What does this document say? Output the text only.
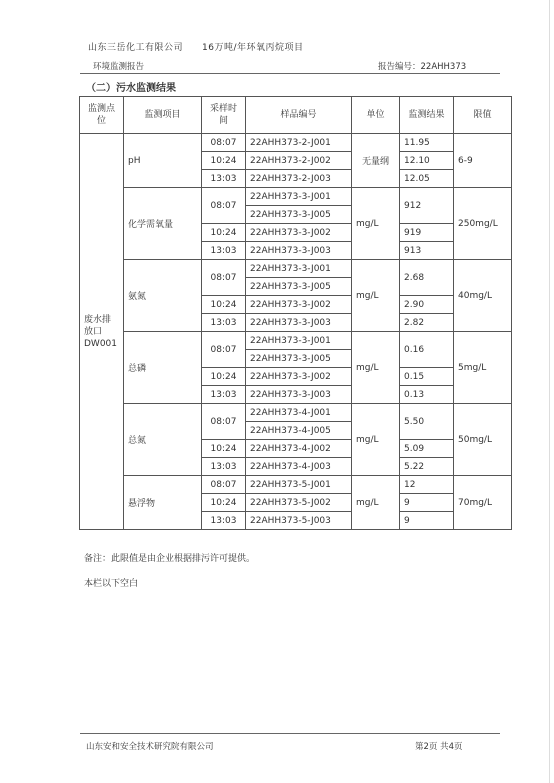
山东三岳化工有限公司 16万吨/年环氧丙烷项目
环境监测报告	报告编号：22AHH373
（二）污水监测结果
监测点位	监测项目	采样时间	样品编号	单位	监测结果	限值
废水排放口DW001	pH	08:07	22AHH373-2-J001	无量纲	11.95	6-9
		10:24	22AHH373-2-J002		12.10	
		13:03	22AHH373-2-J003		12.05	
	化学需氧量	08:07	22AHH373-3-J001	mg/L	912	250mg/L
			22AHH373-3-J005			
		10:24	22AHH373-3-J002		919	
		13:03	22AHH373-3-J003		913	
	氨氮	08:07	22AHH373-3-J001	mg/L	2.68	40mg/L
			22AHH373-3-J005			
		10:24	22AHH373-3-J002		2.90	
		13:03	22AHH373-3-J003		2.82	
	总磷	08:07	22AHH373-3-J001	mg/L	0.16	5mg/L
			22AHH373-3-J005			
		10:24	22AHH373-3-J002		0.15	
		13:03	22AHH373-3-J003		0.13	
	总氮	08:07	22AHH373-4-J001	mg/L	5.50	50mg/L
			22AHH373-4-J005			
		10:24	22AHH373-4-J002		5.09	
		13:03	22AHH373-4-J003		5.22	
	悬浮物	08:07	22AHH373-5-J001	mg/L	12	70mg/L
		10:24	22AHH373-5-J002		9	
		13:03	22AHH373-5-J003		9	
备注：此限值是由企业根据排污许可提供。
本栏以下空白
山东安和安全技术研究院有限公司	第2页 共4页
